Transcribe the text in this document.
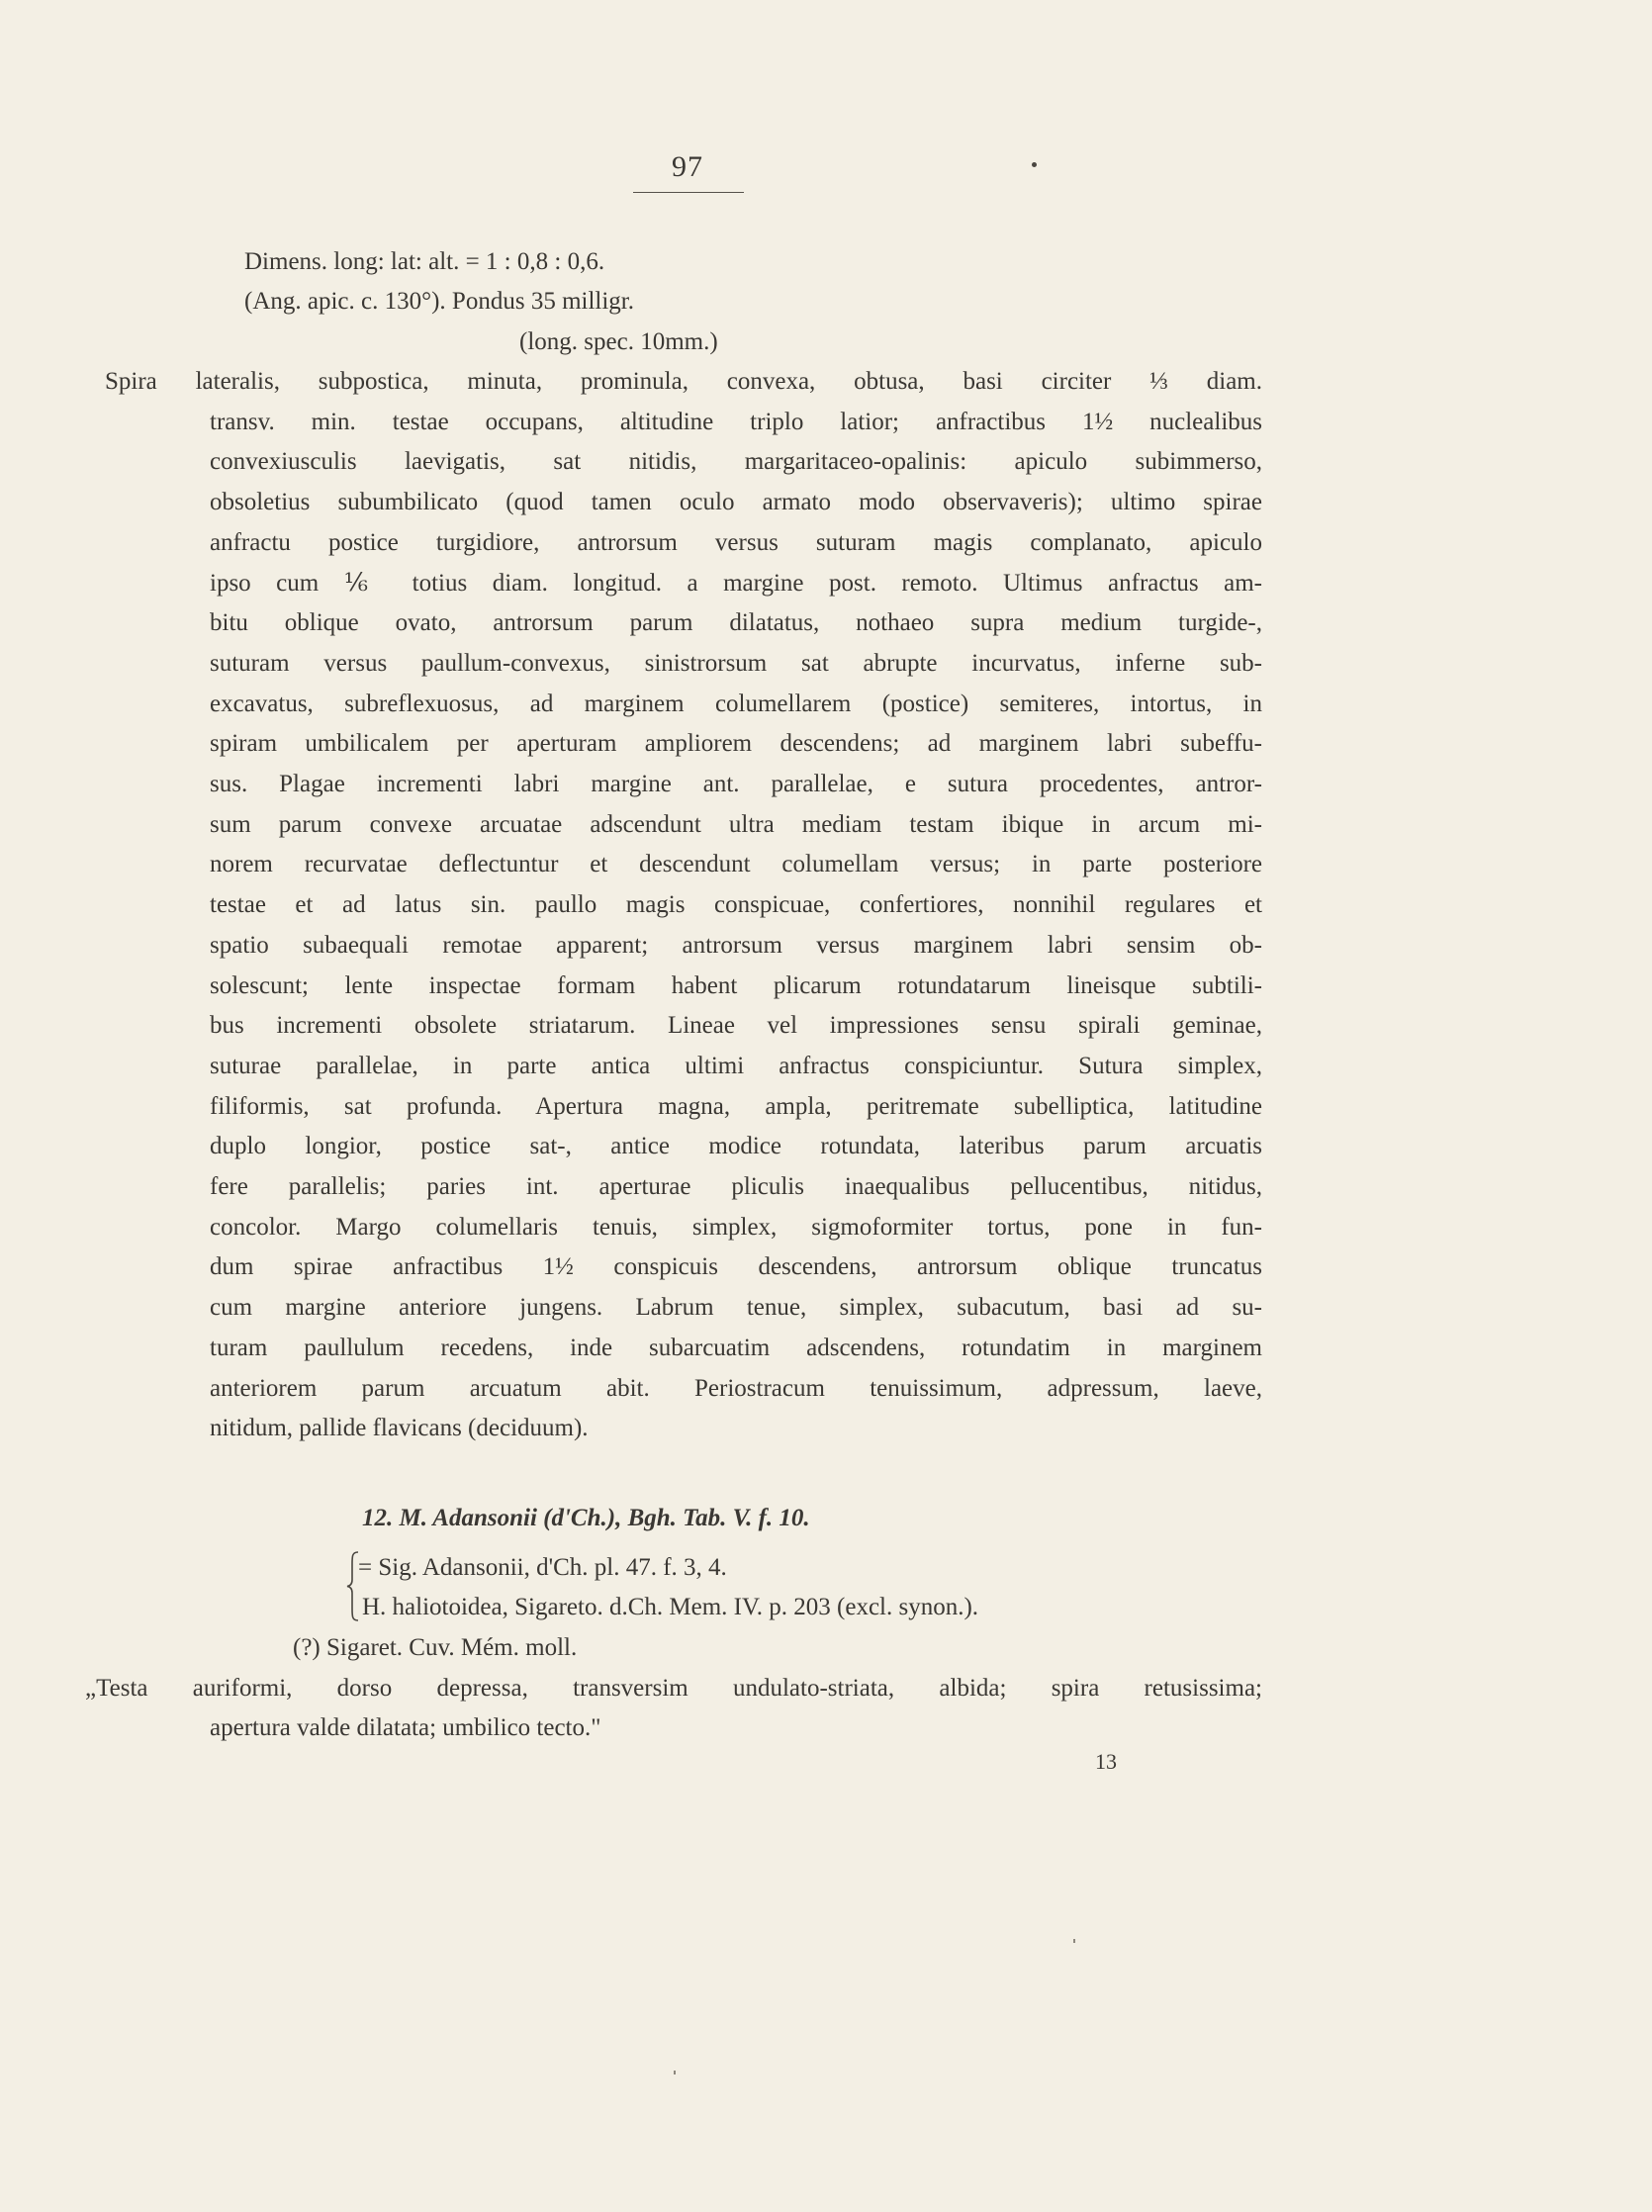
97
Dimens. long: lat: alt. = 1 : 0,8 : 0,6.
(Ang. apic. c. 130°). Pondus 35 milligr.
(long. spec. 10mm.)
Spira lateralis, subpostica, minuta, prominula, convexa, obtusa, basi circiter ⅓ diam.
transv. min. testae occupans, altitudine triplo latior; anfractibus 1½ nuclealibus
convexiusculis laevigatis, sat nitidis, margaritaceo-opalinis: apiculo subimmerso,
obsoletius subumbilicato (quod tamen oculo armato modo observaveris); ultimo spirae
anfractu postice turgidiore, antrorsum versus suturam magis complanato, apiculo
ipso cum ⅙ totius diam. longitud. a margine post. remoto. Ultimus anfractus am-
bitu oblique ovato, antrorsum parum dilatatus, nothaeo supra medium turgide-,
suturam versus paullum-convexus, sinistrorsum sat abrupte incurvatus, inferne sub-
excavatus, subreflexuosus, ad marginem columellarem (postice) semiteres, intortus, in
spiram umbilicalem per aperturam ampliorem descendens; ad marginem labri subeffu-
sus. Plagae incrementi labri margine ant. parallelae, e sutura procedentes, antror-
sum parum convexe arcuatae adscendunt ultra mediam testam ibique in arcum mi-
norem recurvatae deflectuntur et descendunt columellam versus; in parte posteriore
testae et ad latus sin. paullo magis conspicuae, confertiores, nonnihil regulares et
spatio subaequali remotae apparent; antrorsum versus marginem labri sensim ob-
solescunt; lente inspectae formam habent plicarum rotundatarum lineisque subtili-
bus incrementi obsolete striatarum. Lineae vel impressiones sensu spirali geminae,
suturae parallelae, in parte antica ultimi anfractus conspiciuntur. Sutura simplex,
filiformis, sat profunda. Apertura magna, ampla, peritremate subelliptica, latitudine
duplo longior, postice sat-, antice modice rotundata, lateribus parum arcuatis
fere parallelis; paries int. aperturae pliculis inaequalibus pellucentibus, nitidus,
concolor. Margo columellaris tenuis, simplex, sigmoformiter tortus, pone in fun-
dum spirae anfractibus 1½ conspicuis descendens, antrorsum oblique truncatus
cum margine anteriore jungens. Labrum tenue, simplex, subacutum, basi ad su-
turam paullulum recedens, inde subarcuatim adscendens, rotundatim in marginem
anteriorem parum arcuatum abit. Periostracum tenuissimum, adpressum, laeve,
nitidum, pallide flavicans (deciduum).
12. M. Adansonii (d'Ch.), Bgh. Tab. V. f. 10.
= Sig. Adansonii, d'Ch. pl. 47. f. 3, 4.
H. haliotoidea, Sigareto. d.Ch. Mem. IV. p. 203 (excl. synon.).
(?) Sigaret. Cuv. Mém. moll.
„Testa auriformi, dorso depressa, transversim undulato-striata, albida; spira retusissima;
apertura valde dilatata; umbilico tecto."
13
